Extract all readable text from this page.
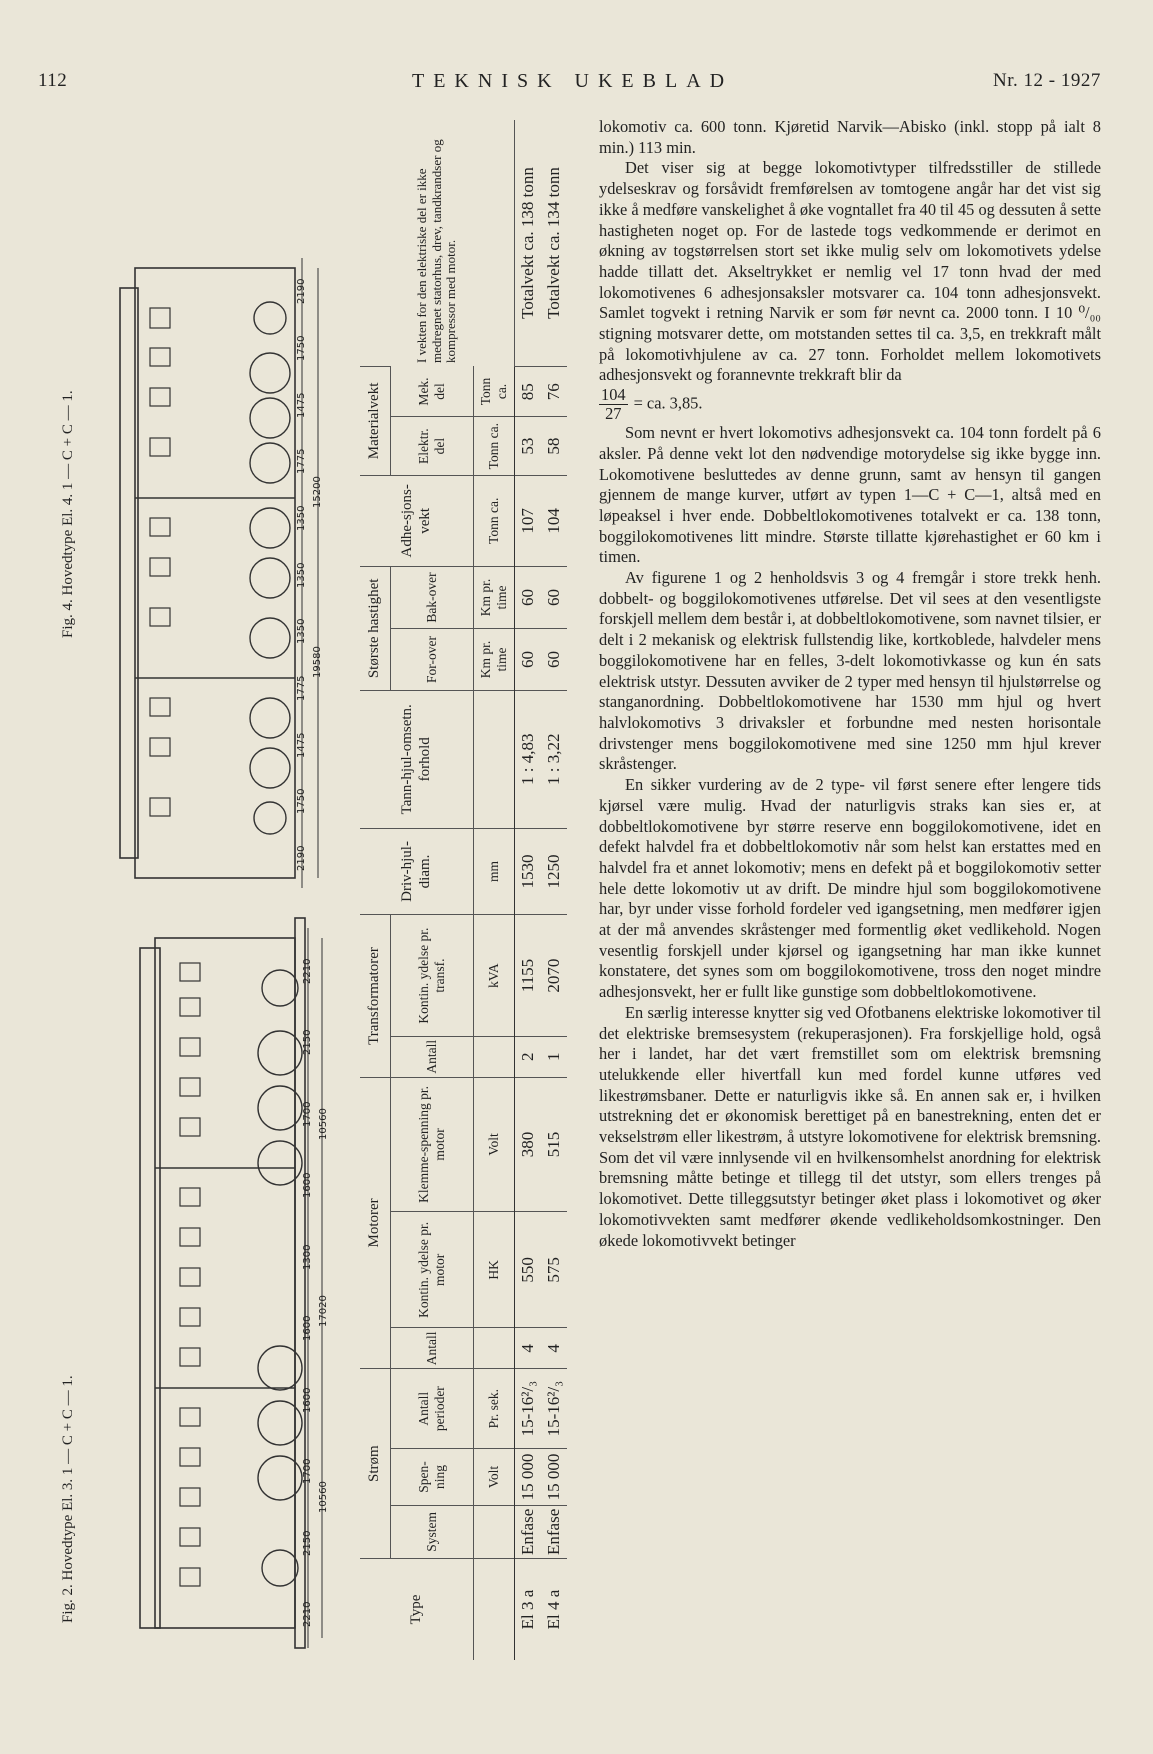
112	TEKNISK UKEBLAD	Nr. 12 - 1927
Fig. 2. Hovedtype El. 3. 1 — C + C — 1.
Fig. 4. Hovedtype El. 4. 1 — C + C — 1.
Type	Strøm			Motorer			Transformatorer		Driv-hjul-diam.	Tann-hjul-omsetn. forhold	Største hastighet		Adhe-sjons-vekt	Materialvekt		I vekten for den elektriske del er ikke medregnet statorhus, drev, tandkrandser og kompressor med motor.
	System	Spen-ning	Antall perioder	Antall	Kontin. ydelse pr. motor	Klemme-spenning pr. motor	Antall	Kontin. ydelse pr. transf.			For-over	Bak-over		Elektr. del	Mek. del	
		Volt	Pr. sek.		HK	Volt		kVA	mm		Km pr. time	Km pr. time	Tonn ca.	Tonn ca.	Tonn ca.	
El 3 a	Enfase	15 000	15-16²/₃	4	550	380	2	1155	1530	1 : 4,83	60	60	107	53	85	Totalvekt ca. 138 tonn
El 4 a	Enfase	15 000	15-16²/₃	4	575	515	1	2070	1250	1 : 3,22	60	60	104	58	76	Totalvekt ca. 134 tonn
2210
2150
1700
1600
1600
1300
1600
1700
2150
2210
10560
17020
10560
2190
1750
1475
1775
1350
1350
1350
1775
1475
1750
2190
19580
15200

lokomotiv ca. 600 tonn. Kjøretid Narvik—Abisko (inkl. stopp på ialt 8 min.) 113 min.

Det viser sig at begge lokomotivtyper tilfredsstiller de stillede ydelseskrav og forsåvidt fremførelsen av tomtogene angår har det vist sig ikke å medføre vanskelighet å øke vogntallet fra 40 til 45 og dessuten å sette hastigheten noget op. For de lastede togs vedkommende er derimot en økning av togstørrelsen stort set ikke mulig selv om lokomotivets ydelse hadde tillatt det. Akseltrykket er nemlig vel 17 tonn hvad der med lokomotivenes 6 adhesjonsaksler motsvarer ca. 104 tonn adhesjonsvekt. Samlet togvekt i retning Narvik er som før nevnt ca. 2000 tonn. I 10 ⁰/₀₀ stigning motsvarer dette, om motstanden settes til ca. 3,5, en trekkraft målt på lokomotivhjulene av ca. 27 tonn. Forholdet mellem lokomotivets adhesjonsvekt og forannevnte trekkraft blir da

$\frac{104}{27}$ = ca. 3,85.

Som nevnt er hvert lokomotivs adhesjonsvekt ca. 104 tonn fordelt på 6 aksler. På denne vekt lot den nødvendige motorydelse sig ikke bygge inn. Lokomotivene besluttedes av denne grunn, samt av hensyn til gangen gjennem de mange kurver, utført av typen 1—C + C—1, altså med en løpeaksel i hver ende. Dobbeltlokomotivenes totalvekt er ca. 138 tonn, boggilokomotivenes litt mindre. Største tillatte kjørehastighet er 60 km i timen.

Av figurene 1 og 2 henholdsvis 3 og 4 fremgår i store trekk henh. dobbelt- og boggilokomotivenes utførelse. Det vil sees at den vesentligste forskjell mellem dem består i, at dobbeltlokomotivene, som navnet tilsier, er delt i 2 mekanisk og elektrisk fullstendig like, kortkoblede, halvdeler mens boggilokomotivene har en felles, 3-delt lokomotivkasse og kun én sats elektrisk utstyr. Dessuten avviker de 2 typer med hensyn til hjulstørrelse og stanganordning. Dobbeltlokomotivene har 1530 mm hjul og hvert halvlokomotivs 3 drivaksler et forbundne med nesten horisontale drivstenger mens boggilokomotivene med sine 1250 mm hjul krever skråstenger.

En sikker vurdering av de 2 type- vil først senere efter lengere tids kjørsel være mulig. Hvad der naturligvis straks kan sies er, at dobbeltlokomotivene byr større reserve enn boggilokomotivene, idet en defekt halvdel fra et dobbeltlokomotiv når som helst kan erstattes med en halvdel fra et annet lokomotiv; mens en defekt på et boggilokomotiv setter hele dette lokomotiv ut av drift. De mindre hjul som boggilokomotivene har, byr under visse forhold fordeler ved igangsetning, men medfører igjen at der må anvendes skråstenger med formentlig øket vedlikehold. Nogen vesentlig forskjell under kjørsel og igangsetning har man ikke kunnet konstatere, det synes som om boggilokomotivene, tross den noget mindre adhesjonsvekt, her er fullt like gunstige som dobbeltlokomotivene.

En særlig interesse knytter sig ved Ofotbanens elektriske lokomotiver til det elektriske bremsesystem (rekuperasjonen). Fra forskjellige hold, også her i landet, har det vært fremstillet som om elektrisk bremsning utelukkende eller hivertfall kun med fordel kunne utføres ved likestrømsbaner. Dette er naturligvis ikke så. En annen sak er, i hvilken utstrekning det er økonomisk berettiget på en banestrekning, enten det er vekselstrøm eller likestrøm, å utstyre lokomotivene for elektrisk bremsning. Som det vil være innlysende vil en hvilkensomhelst anordning for elektrisk bremsning måtte betinge et tillegg til det utstyr, som ellers trenges på lokomotivet. Dette tilleggsutstyr betinger øket plass i lokomotivet og øker lokomotivvekten samt medfører økende vedlikeholdsomkostninger. Den økede lokomotivvekt betinger
